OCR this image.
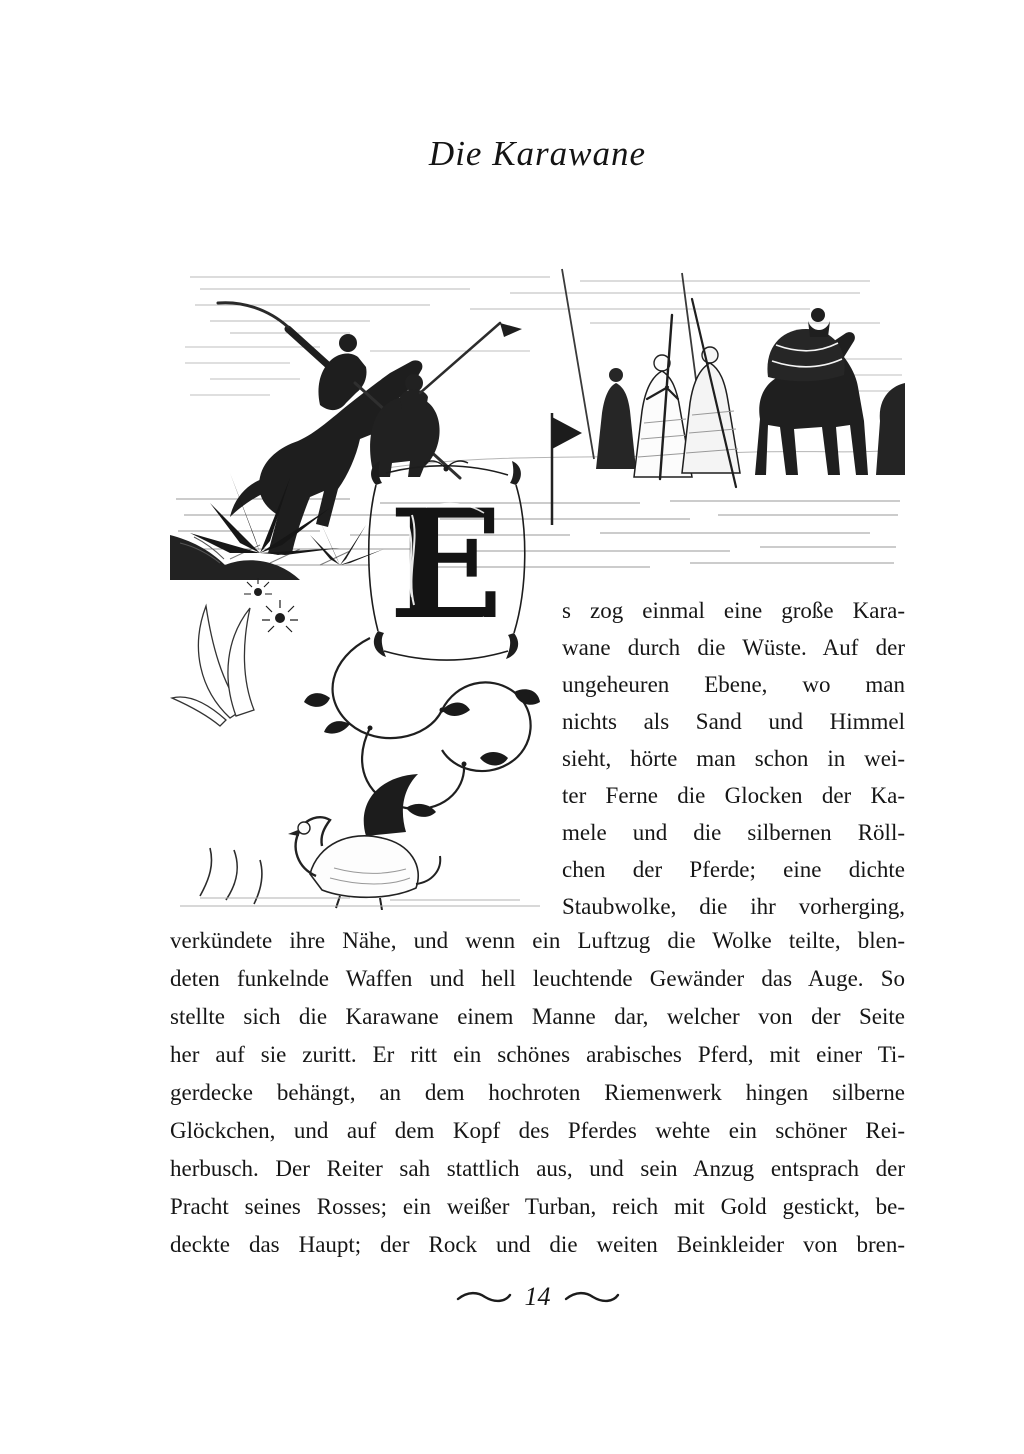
Die Karawane
E	s zog einmal eine große Kara-
wane durch die Wüste. Auf der
ungeheuren Ebene, wo man
nichts als Sand und Himmel
sieht, hörte man schon in wei-
ter Ferne die Glocken der Ka-
mele und die silbernen Röll-
chen der Pferde; eine dichte
Staubwolke, die ihr vorherging,
verkündete ihre Nähe, und wenn ein Luftzug die Wolke teilte, blen-
deten funkelnde Waffen und hell leuchtende Gewänder das Auge. So
stellte sich die Karawane einem Manne dar, welcher von der Seite
her auf sie zuritt. Er ritt ein schönes arabisches Pferd, mit einer Ti-
gerdecke behängt, an dem hochroten Riemenwerk hingen silberne
Glöckchen, und auf dem Kopf des Pferdes wehte ein schöner Rei-
herbusch. Der Reiter sah stattlich aus, und sein Anzug entsprach der
Pracht seines Rosses; ein weißer Turban, reich mit Gold gestickt, be-
deckte das Haupt; der Rock und die weiten Beinkleider von bren-
14
